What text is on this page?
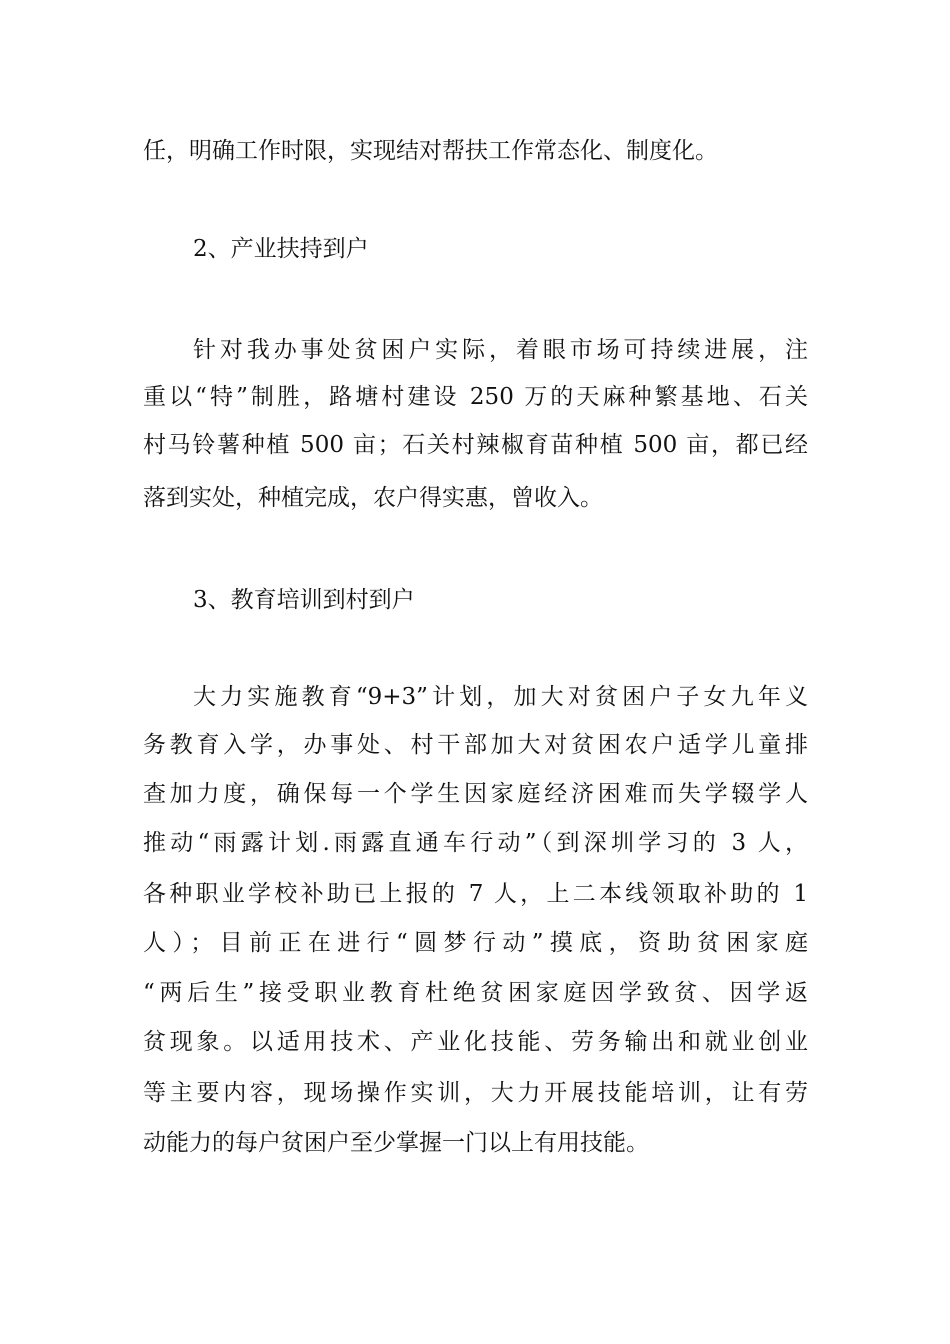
任，明确工作时限，实现结对帮扶工作常态化、制度化。
2、产业扶持到户
针对我办事处贫困户实际，着眼市场可持续进展，注
重以“特”制胜，路塘村建设 250 万的天麻种繁基地、石关
村马铃薯种植 500 亩；石关村辣椒育苗种植 500 亩，都已经
落到实处，种植完成，农户得实惠，曾收入。
3、教育培训到村到户
大力实施教育“9+3”计划，加大对贫困户子女九年义
务教育入学，办事处、村干部加大对贫困农户适学儿童排
查加力度，确保每一个学生因家庭经济困难而失学辍学人
推动“雨露计划.雨露直通车行动”（到深圳学习的 3 人，
各种职业学校补助已上报的 7 人，上二本线领取补助的 1
人）；目前正在进行“圆梦行动”摸底，资助贫困家庭
“两后生”接受职业教育杜绝贫困家庭因学致贫、因学返
贫现象。以适用技术、产业化技能、劳务输出和就业创业
等主要内容，现场操作实训，大力开展技能培训，让有劳
动能力的每户贫困户至少掌握一门以上有用技能。
